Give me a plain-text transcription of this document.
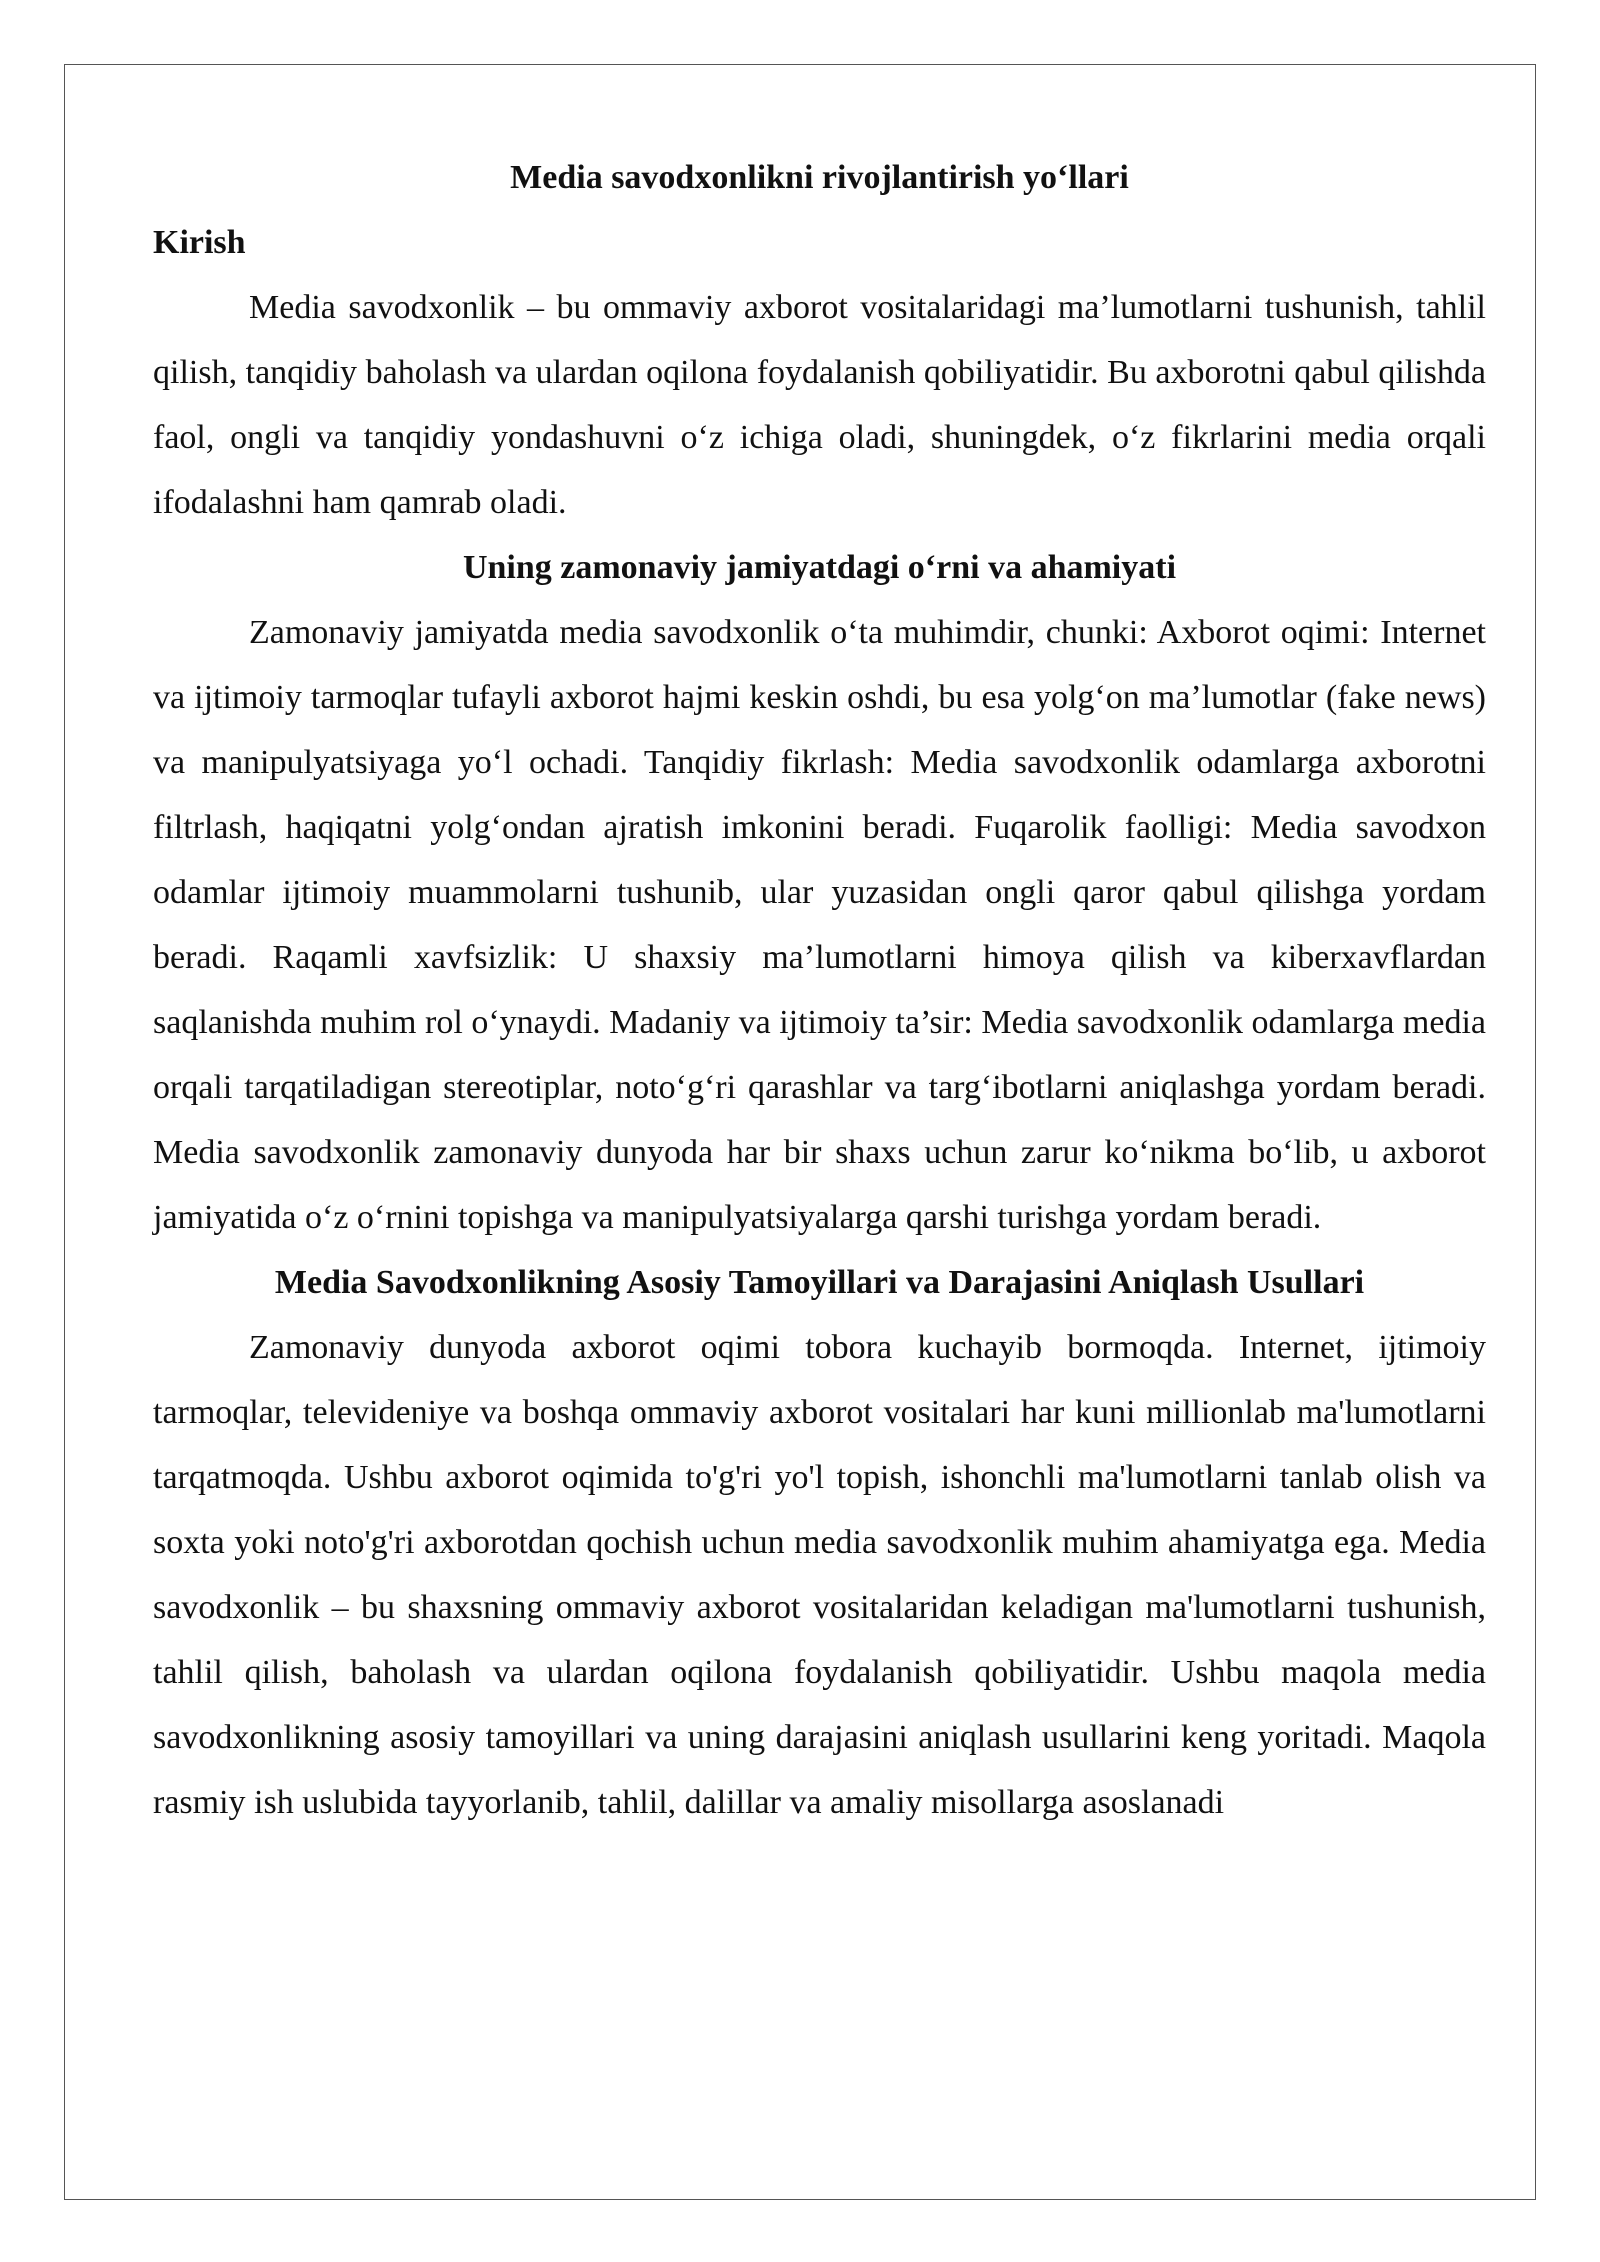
Media savodxonlikni rivojlantirish yo‘llari

Kirish

Media savodxonlik – bu ommaviy axborot vositalaridagi ma’lumotlarni tushunish, tahlil qilish, tanqidiy baholash va ulardan oqilona foydalanish qobiliyatidir. Bu axborotni qabul qilishda faol, ongli va tanqidiy yondashuvni o‘z ichiga oladi, shuningdek, o‘z fikrlarini media orqali ifodalashni ham qamrab oladi.

Uning zamonaviy jamiyatdagi o‘rni va ahamiyati

Zamonaviy jamiyatda media savodxonlik o‘ta muhimdir, chunki: Axborot oqimi: Internet va ijtimoiy tarmoqlar tufayli axborot hajmi keskin oshdi, bu esa yolg‘on ma’lumotlar (fake news) va manipulyatsiyaga yo‘l ochadi. Tanqidiy fikrlash: Media savodxonlik odamlarga axborotni filtrlash, haqiqatni yolg‘ondan ajratish imkonini beradi. Fuqarolik faolligi: Media savodxon odamlar ijtimoiy muammolarni tushunib, ular yuzasidan ongli qaror qabul qilishga yordam beradi. Raqamli xavfsizlik: U shaxsiy ma’lumotlarni himoya qilish va kiberxavflardan saqlanishda muhim rol o‘ynaydi. Madaniy va ijtimoiy ta’sir: Media savodxonlik odamlarga media orqali tarqatiladigan stereotiplar, noto‘g‘ri qarashlar va targ‘ibotlarni aniqlashga yordam beradi. Media savodxonlik zamonaviy dunyoda har bir shaxs uchun zarur ko‘nikma bo‘lib, u axborot jamiyatida o‘z o‘rnini topishga va manipulyatsiyalarga qarshi turishga yordam beradi.

Media Savodxonlikning Asosiy Tamoyillari va Darajasini Aniqlash Usullari

Zamonaviy dunyoda axborot oqimi tobora kuchayib bormoqda. Internet, ijtimoiy tarmoqlar, televideniye va boshqa ommaviy axborot vositalari har kuni millionlab ma'lumotlarni tarqatmoqda. Ushbu axborot oqimida to'g'ri yo'l topish, ishonchli ma'lumotlarni tanlab olish va soxta yoki noto'g'ri axborotdan qochish uchun media savodxonlik muhim ahamiyatga ega. Media savodxonlik – bu shaxsning ommaviy axborot vositalaridan keladigan ma'lumotlarni tushunish, tahlil qilish, baholash va ulardan oqilona foydalanish qobiliyatidir. Ushbu maqola media savodxonlikning asosiy tamoyillari va uning darajasini aniqlash usullarini keng yoritadi. Maqola rasmiy ish uslubida tayyorlanib, tahlil, dalillar va amaliy misollarga asoslanadi
